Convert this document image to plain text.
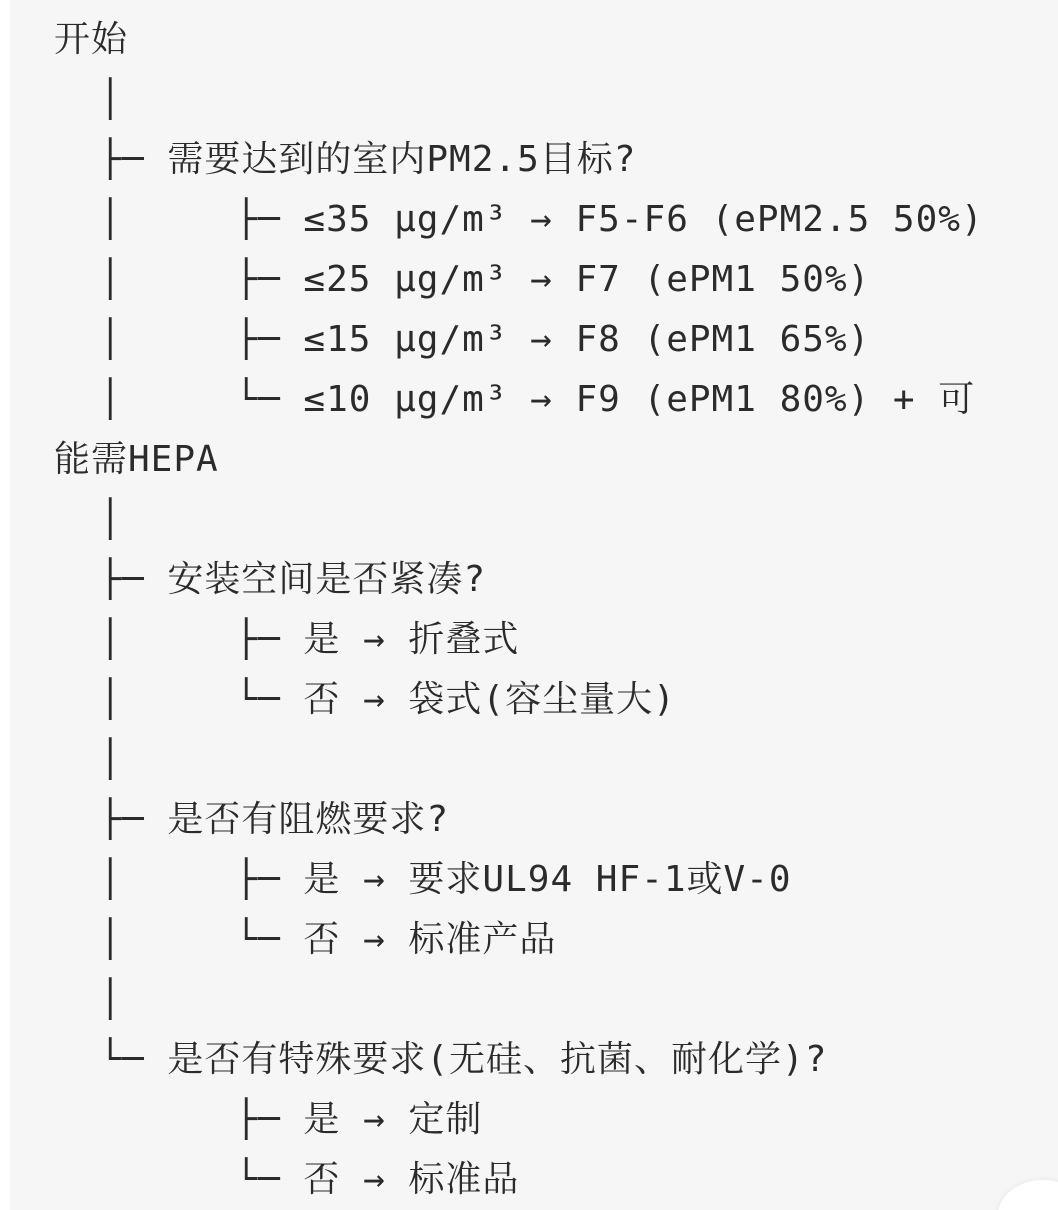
开始
│
├─ 需要达到的室内PM2.5目标?
│     ├─ ≤35 μg/m³ → F5-F6 (ePM2.5 50%)
│     ├─ ≤25 μg/m³ → F7 (ePM1 50%)
│     ├─ ≤15 μg/m³ → F8 (ePM1 65%)
│     └─ ≤10 μg/m³ → F9 (ePM1 80%) + 可
能需HEPA
│
├─ 安装空间是否紧凑?
│     ├─ 是 → 折叠式
│     └─ 否 → 袋式(容尘量大)
│
├─ 是否有阻燃要求?
│     ├─ 是 → 要求UL94 HF-1或V-0
│     └─ 否 → 标准产品
│
└─ 是否有特殊要求(无硅、抗菌、耐化学)?
├─ 是 → 定制
└─ 否 → 标准品
